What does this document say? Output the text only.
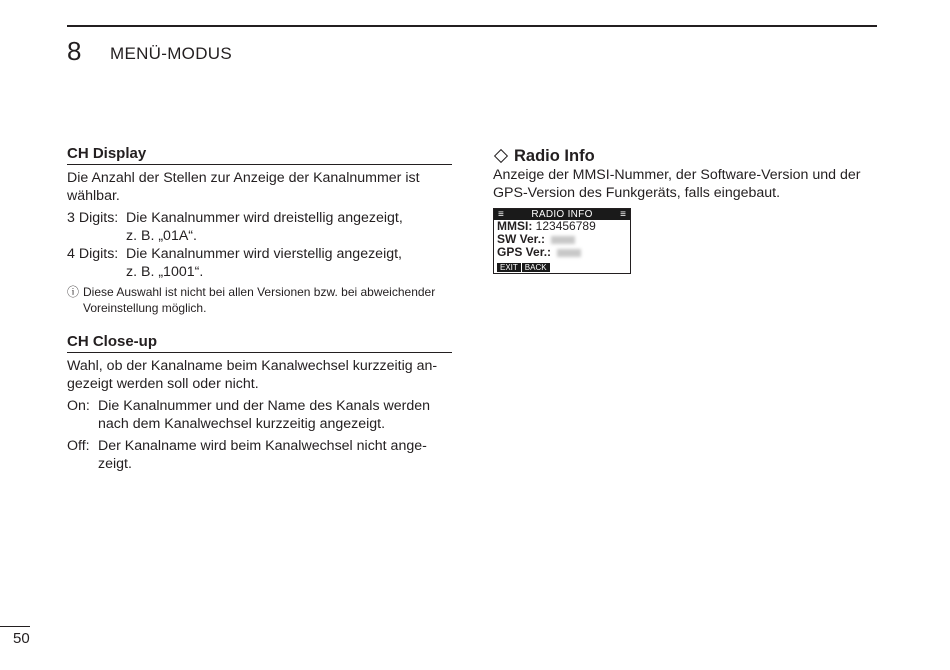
8 MENÜ-MODUS
CH Display

Die Anzahl der Stellen zur Anzeige der Kanalnummer ist wählbar.

3 Digits: Die Kanalnummer wird dreistellig angezeigt,
z. B. „01A“.
4 Digits: Die Kanalnummer wird vierstellig angezeigt,
z. B. „1001“.
ⓘ Diese Auswahl ist nicht bei allen Versionen bzw. bei abweichender Voreinstellung möglich.
CH Close-up

Wahl, ob der Kanalname beim Kanalwechsel kurzzeitig angezeigt werden soll oder nicht.

On: Die Kanalnummer und der Name des Kanals werden nach dem Kanalwechsel kurzzeitig angezeigt.
Off: Der Kanalname wird beim Kanalwechsel nicht angezeigt.
Radio Info

Anzeige der MMSI-Nummer, der Software-Version und der GPS-Version des Funkgeräts, falls eingebaut.

≡	RADIO INFO	≡
MMSI: 123456789
SW Ver.:
GPS Ver.:
EXIT BACK
50
